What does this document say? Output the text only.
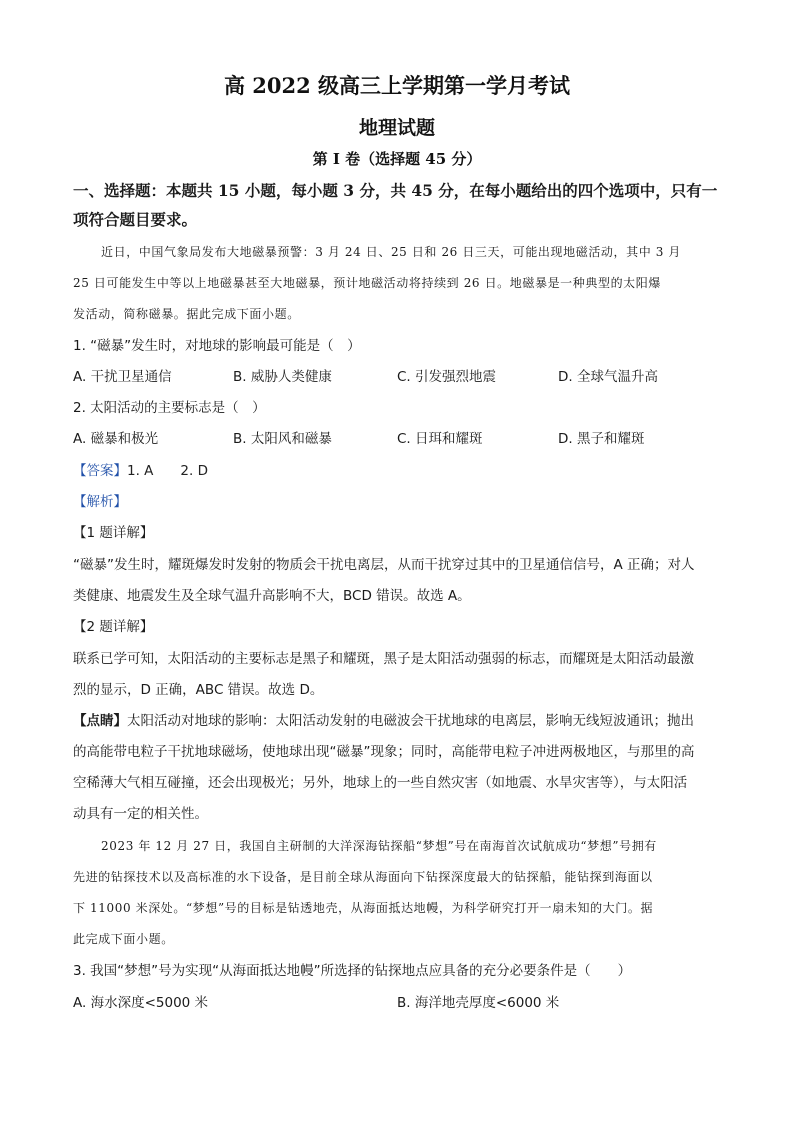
高 2022 级高三上学期第一学月考试
地理试题
第 I 卷（选择题 45 分）
一、选择题：本题共 15 小题，每小题 3 分，共 45 分，在每小题给出的四个选项中，只有一
项符合题目要求。
近日，中国气象局发布大地磁暴预警：3 月 24 日、25 日和 26 日三天，可能出现地磁活动，其中 3 月
25 日可能发生中等以上地磁暴甚至大地磁暴，预计地磁活动将持续到 26 日。地磁暴是一种典型的太阳爆
发活动，简称磁暴。据此完成下面小题。
1. “磁暴”发生时，对地球的影响最可能是（　）
A. 干扰卫星通信	B. 威胁人类健康	C. 引发强烈地震	D. 全球气温升高
2. 太阳活动的主要标志是（　）
A. 磁暴和极光	B. 太阳风和磁暴	C. 日珥和耀斑	D. 黑子和耀斑
【答案】1. A　　2. D
【解析】
【1 题详解】
“磁暴”发生时，耀斑爆发时发射的物质会干扰电离层，从而干扰穿过其中的卫星通信信号，A 正确；对人
类健康、地震发生及全球气温升高影响不大，BCD 错误。故选 A。
【2 题详解】
联系已学可知，太阳活动的主要标志是黑子和耀斑，黑子是太阳活动强弱的标志，而耀斑是太阳活动最激
烈的显示，D 正确，ABC 错误。故选 D。
【点睛】太阳活动对地球的影响：太阳活动发射的电磁波会干扰地球的电离层，影响无线短波通讯；抛出
的高能带电粒子干扰地球磁场，使地球出现“磁暴”现象；同时，高能带电粒子冲进两极地区，与那里的高
空稀薄大气相互碰撞，还会出现极光；另外，地球上的一些自然灾害（如地震、水旱灾害等），与太阳活
动具有一定的相关性。
2023 年 12 月 27 日，我国自主研制的大洋深海钻探船“梦想”号在南海首次试航成功“梦想”号拥有
先进的钻探技术以及高标准的水下设备，是目前全球从海面向下钻探深度最大的钻探船，能钻探到海面以
下 11000 米深处。“梦想”号的目标是钻透地壳，从海面抵达地幔，为科学研究打开一扇未知的大门。据
此完成下面小题。
3. 我国“梦想”号为实现“从海面抵达地幔”所选择的钻探地点应具备的充分必要条件是（　　）
A. 海水深度<5000 米	B. 海洋地壳厚度<6000 米
